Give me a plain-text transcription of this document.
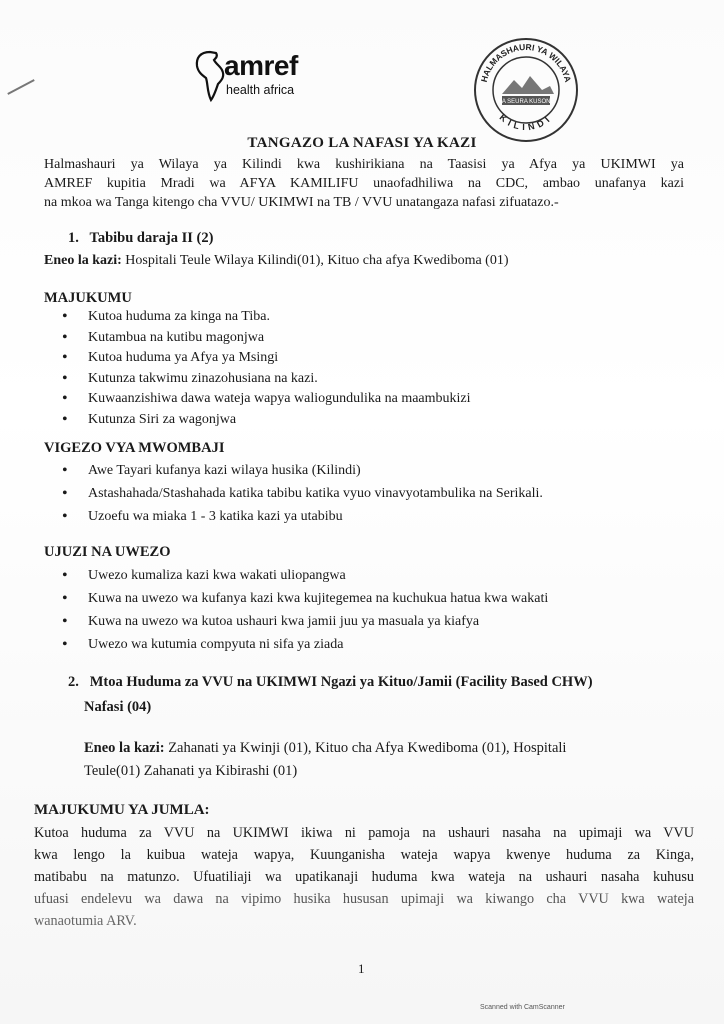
amref
health africa
HALMASHAURI YA WILAYA
NA SEURA KUSONE
KILINDI
TANGAZO LA NAFASI YA KAZI
Halmashauri ya Wilaya ya Kilindi kwa kushirikiana na Taasisi ya Afya ya UKIMWI ya
AMREF kupitia Mradi wa AFYA KAMILIFU unaofadhiliwa na CDC, ambao unafanya kazi
na mkoa wa Tanga kitengo cha VVU/ UKIMWI na TB / VVU unatangaza nafasi zifuatazo.-
1. Tabibu daraja II (2)
Eneo la kazi: Hospitali Teule Wilaya Kilindi(01), Kituo cha afya Kwediboma (01)
MAJUKUMU
• Kutoa huduma za kinga na Tiba.
• Kutambua na kutibu magonjwa
• Kutoa huduma ya Afya ya Msingi
• Kutunza takwimu zinazohusiana na kazi.
• Kuwaanzishiwa dawa wateja wapya waliogundulika na maambukizi
• Kutunza Siri za wagonjwa
VIGEZO VYA MWOMBAJI
• Awe Tayari kufanya kazi wilaya husika (Kilindi)
• Astashahada/Stashahada katika tabibu katika vyuo vinavyotambulika na Serikali.
• Uzoefu wa miaka 1 - 3 katika kazi ya utabibu
UJUZI NA UWEZO
• Uwezo kumaliza kazi kwa wakati uliopangwa
• Kuwa na uwezo wa kufanya kazi kwa kujitegemea na kuchukua hatua kwa wakati
• Kuwa na uwezo wa kutoa ushauri kwa jamii juu ya masuala ya kiafya
• Uwezo wa kutumia compyuta ni sifa ya ziada
2. Mtoa Huduma za VVU na UKIMWI Ngazi ya Kituo/Jamii (Facility Based CHW)
Nafasi (04)
Eneo la kazi: Zahanati ya Kwinji (01), Kituo cha Afya Kwediboma (01), Hospitali
Teule(01) Zahanati ya Kibirashi (01)
MAJUKUMU YA JUMLA:
Kutoa huduma za VVU na UKIMWI ikiwa ni pamoja na ushauri nasaha na upimaji wa VVU
kwa lengo la kuibua wateja wapya, Kuunganisha wateja wapya kwenye huduma za Kinga,
matibabu na matunzo. Ufuatiliaji wa upatikanaji huduma kwa wateja na ushauri nasaha kuhusu
ufuasi endelevu wa dawa na vipimo husika hususan upimaji wa kiwango cha VVU kwa wateja
wanaotumia ARV.
1
Scanned with CamScanner
